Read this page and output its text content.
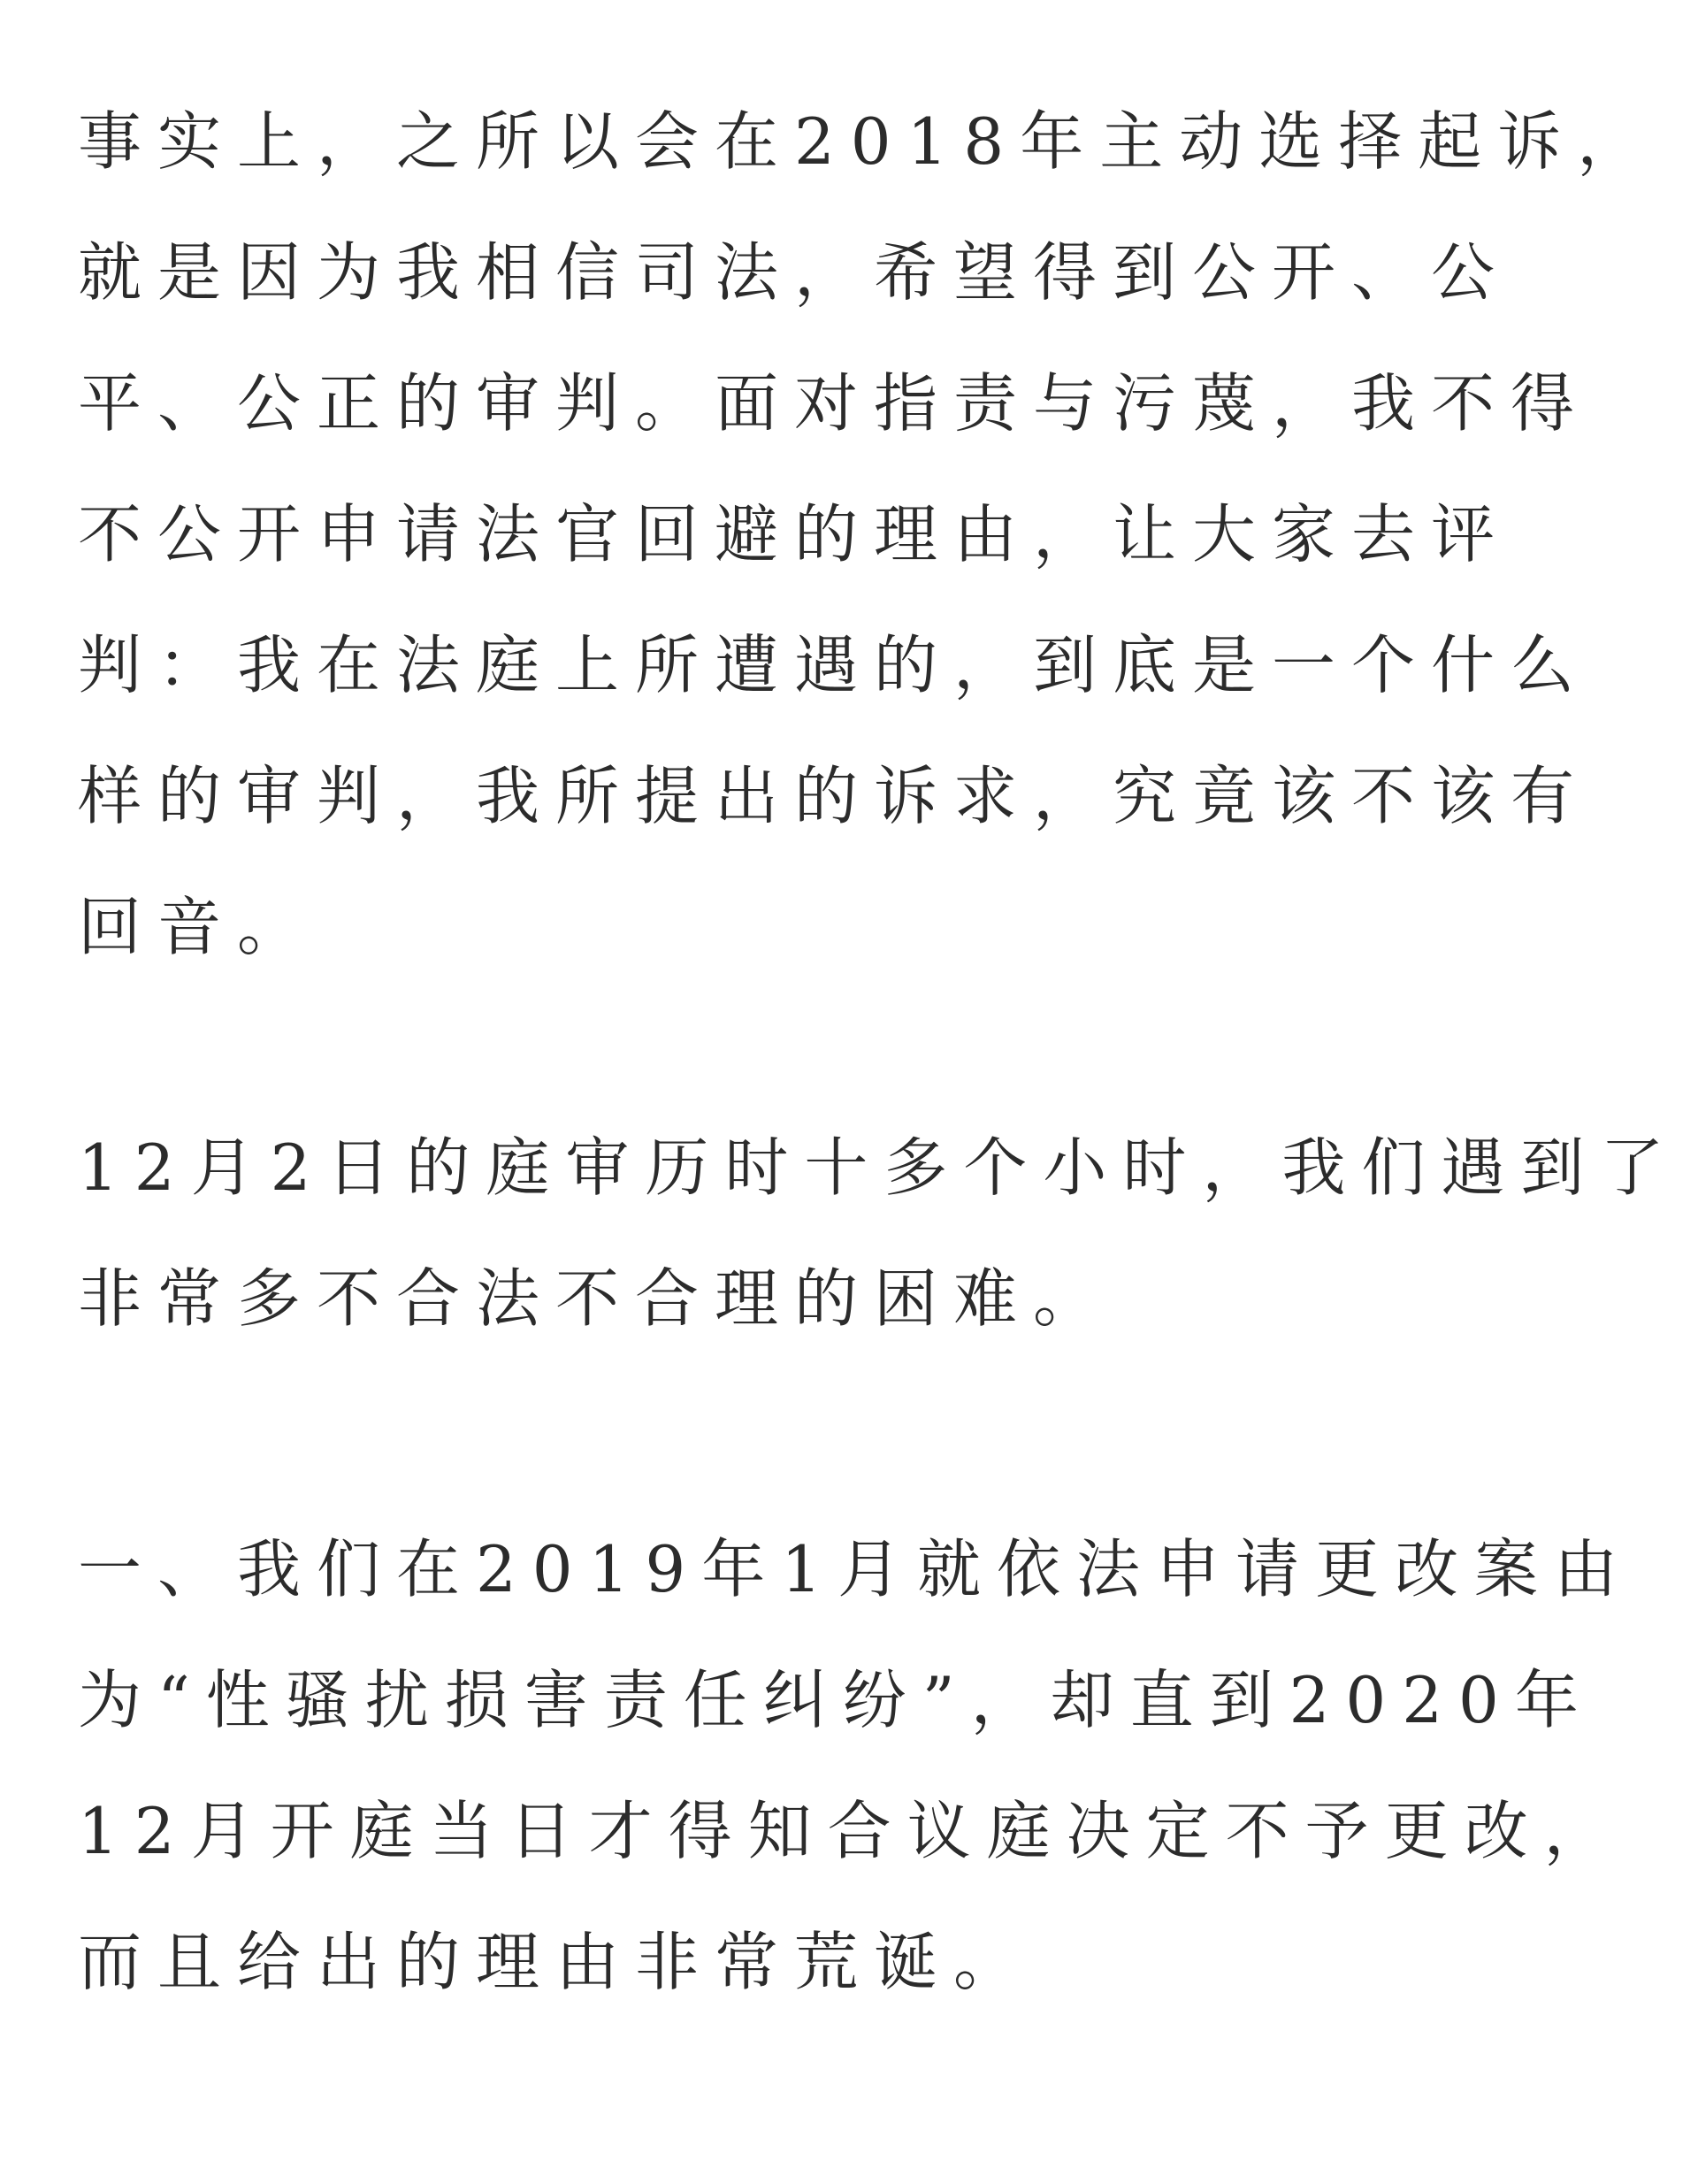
事实上，之所以会在2018年主动选择起诉，
就是因为我相信司法，希望得到公开、公
平、公正的审判。面对指责与污蔑，我不得
不公开申请法官回避的理由，让大家去评
判：我在法庭上所遭遇的，到底是一个什么
样的审判，我所提出的诉求，究竟该不该有
回音。
12月2日的庭审历时十多个小时，我们遇到了
非常多不合法不合理的困难。
一、我们在2019年1月就依法申请更改案由
为“性骚扰损害责任纠纷”，却直到2020年
12月开庭当日才得知合议庭决定不予更改，
而且给出的理由非常荒诞。
